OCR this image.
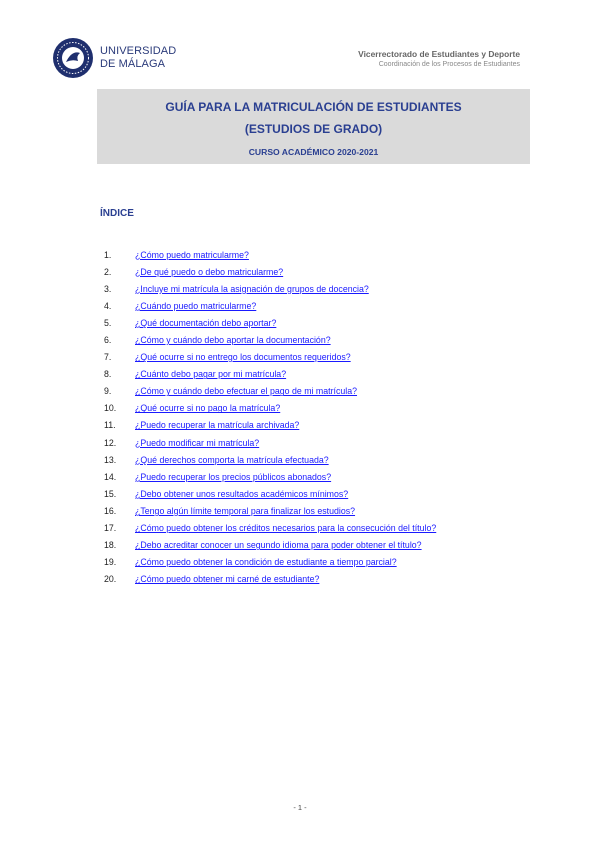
UNIVERSIDAD
DE MÁLAGA
Vicerrectorado de Estudiantes y Deporte
Coordinación de los Procesos de Estudiantes
GUÍA PARA LA MATRICULACIÓN DE ESTUDIANTES
(ESTUDIOS DE GRADO)
CURSO ACADÉMICO 2020-2021
ÍNDICE
1.	¿Cómo puedo matricularme?
2.	¿De qué puedo o debo matricularme?
3.	¿Incluye mi matrícula la asignación de grupos de docencia?
4.	¿Cuándo puedo matricularme?
5.	¿Qué documentación debo aportar?
6.	¿Cómo y cuándo debo aportar la documentación?
7.	¿Qué ocurre si no entrego los documentos requeridos?
8.	¿Cuánto debo pagar por mi matrícula?
9.	¿Cómo y cuándo debo efectuar el pago de mi matrícula?
10.	¿Qué ocurre si no pago la matrícula?
11.	¿Puedo recuperar la matrícula archivada?
12.	¿Puedo modificar mi matrícula?
13.	¿Qué derechos comporta la matrícula efectuada?
14.	¿Puedo recuperar los precios públicos abonados?
15.	¿Debo obtener unos resultados académicos mínimos?
16.	¿Tengo algún límite temporal para finalizar los estudios?
17.	¿Cómo puedo obtener los créditos necesarios para la consecución del título?
18.	¿Debo acreditar conocer un segundo idioma para poder obtener el título?
19.	¿Cómo puedo obtener la condición de estudiante a tiempo parcial?
20.	¿Cómo puedo obtener mi carné de estudiante?
- 1 -
